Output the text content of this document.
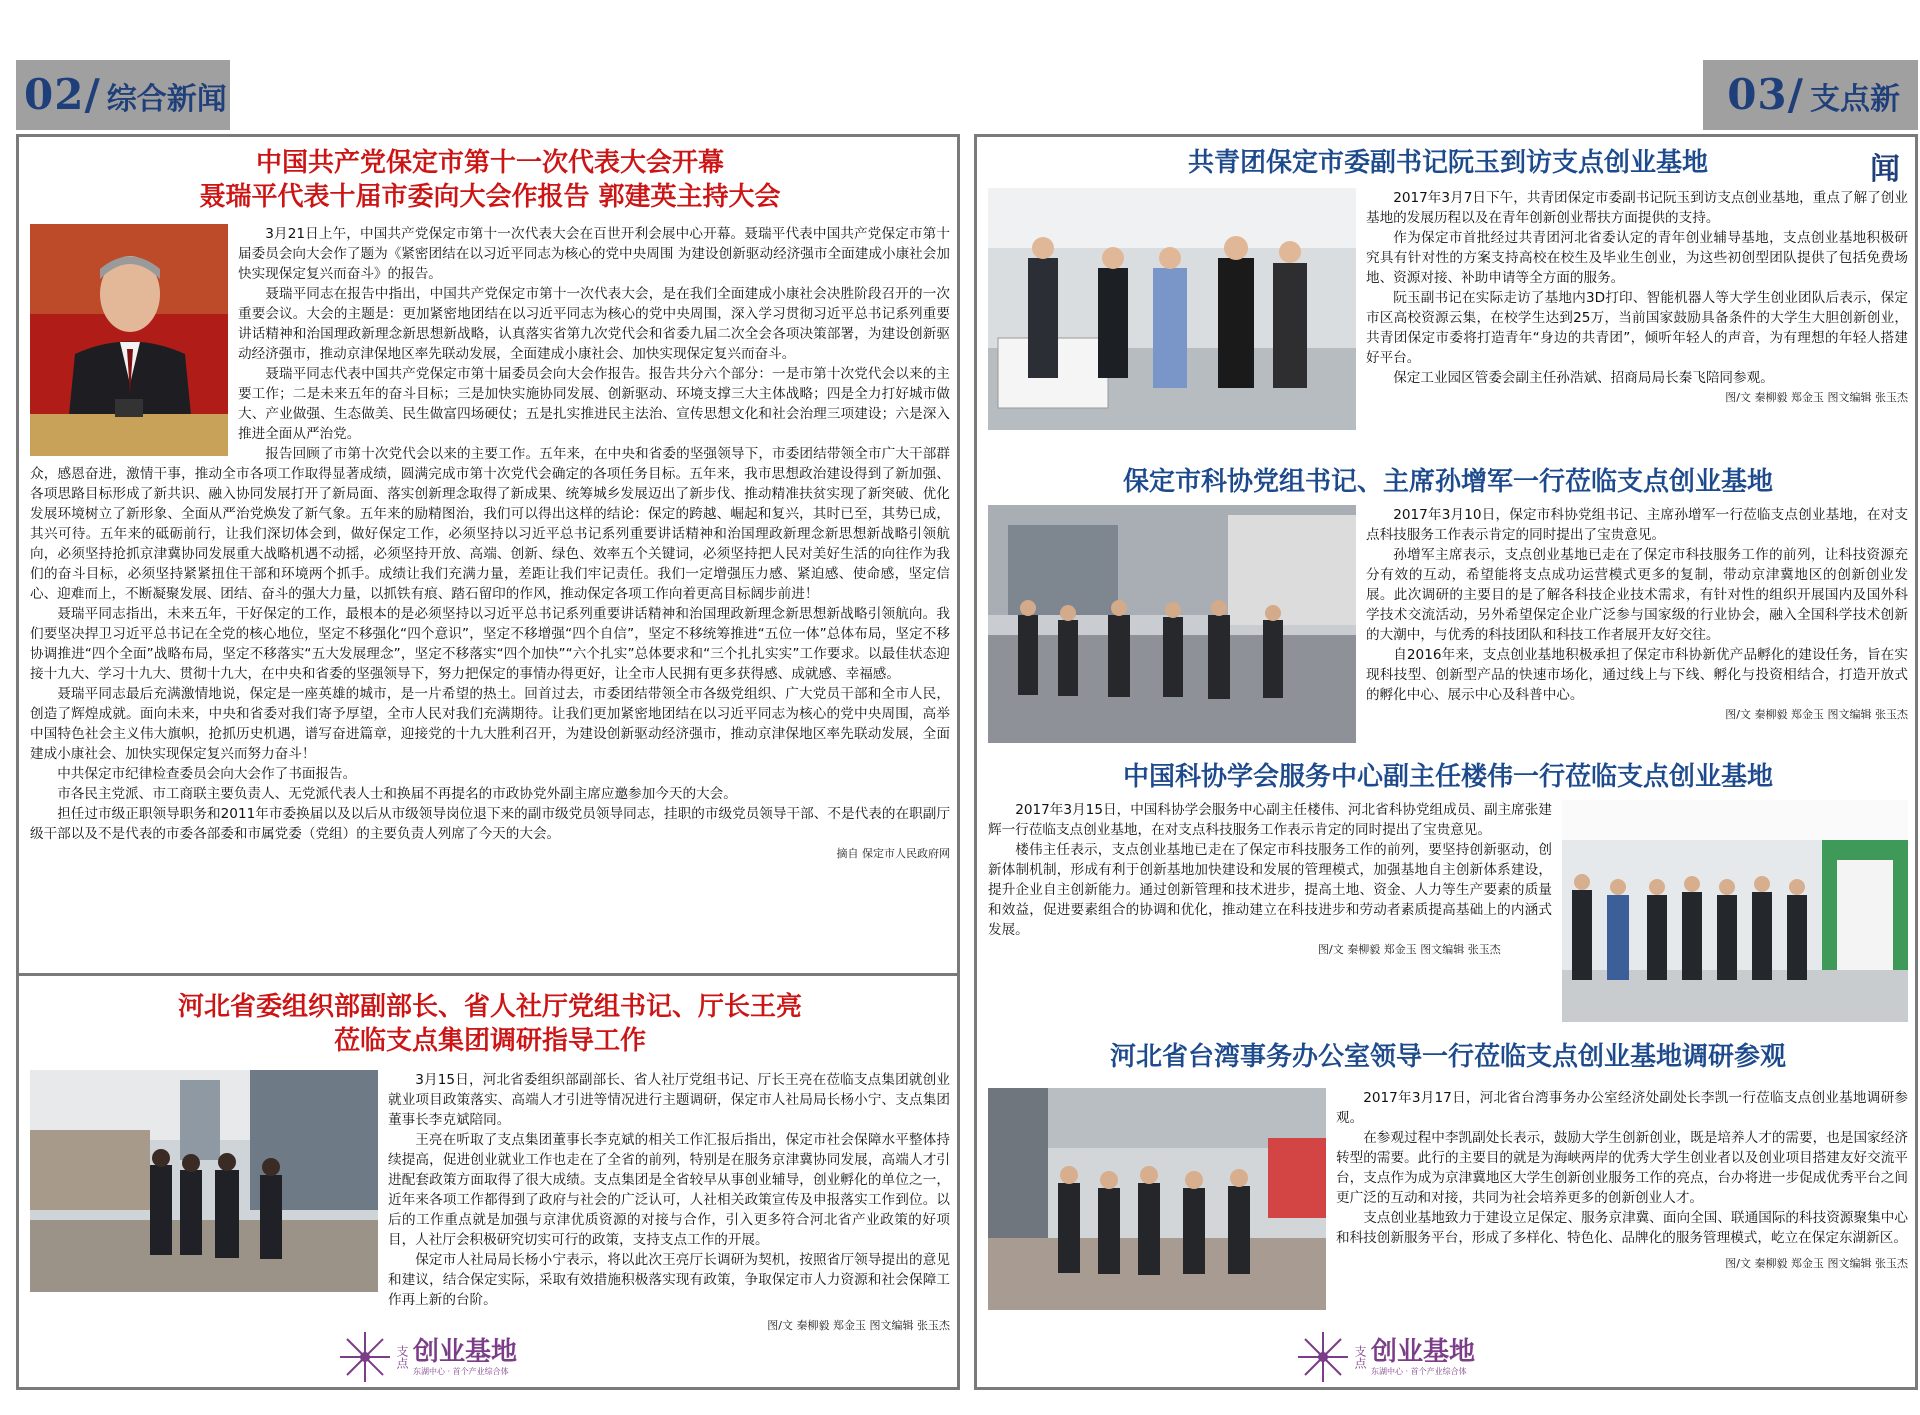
02/ 综合新闻
中国共产党保定市第十一次代表大会开幕
聂瑞平代表十届市委向大会作报告 郭建英主持大会

3月21日上午，中国共产党保定市第十一次代表大会在百世开利会展中心开幕。聂瑞平代表中国共产党保定市第十届委员会向大会作了题为《紧密团结在以习近平同志为核心的党中央周围 为建设创新驱动经济强市全面建成小康社会加快实现保定复兴而奋斗》的报告。

聂瑞平同志在报告中指出，中国共产党保定市第十一次代表大会，是在我们全面建成小康社会决胜阶段召开的一次重要会议。大会的主题是：更加紧密地团结在以习近平同志为核心的党中央周围，深入学习贯彻习近平总书记系列重要讲话精神和治国理政新理念新思想新战略，认真落实省第九次党代会和省委九届二次全会各项决策部署，为建设创新驱动经济强市，推动京津保地区率先联动发展，全面建成小康社会、加快实现保定复兴而奋斗。

聂瑞平同志代表中国共产党保定市第十届委员会向大会作报告。报告共分六个部分：一是市第十次党代会以来的主要工作；二是未来五年的奋斗目标；三是加快实施协同发展、创新驱动、环境支撑三大主体战略；四是全力打好城市做大、产业做强、生态做美、民生做富四场硬仗；五是扎实推进民主法治、宣传思想文化和社会治理三项建设；六是深入推进全面从严治党。

报告回顾了市第十次党代会以来的主要工作。五年来，在中央和省委的坚强领导下，市委团结带领全市广大干部群众，感恩奋进，激情干事，推动全市各项工作取得显著成绩，圆满完成市第十次党代会确定的各项任务目标。五年来，我市思想政治建设得到了新加强、各项思路目标形成了新共识、融入协同发展打开了新局面、落实创新理念取得了新成果、统筹城乡发展迈出了新步伐、推动精准扶贫实现了新突破、优化发展环境树立了新形象、全面从严治党焕发了新气象。五年来的励精图治，我们可以得出这样的结论：保定的跨越、崛起和复兴，其时已至，其势已成，其兴可待。五年来的砥砺前行，让我们深切体会到，做好保定工作，必须坚持以习近平总书记系列重要讲话精神和治国理政新理念新思想新战略引领航向，必须坚持抢抓京津冀协同发展重大战略机遇不动摇，必须坚持开放、高端、创新、绿色、效率五个关键词，必须坚持把人民对美好生活的向往作为我们的奋斗目标，必须坚持紧紧扭住干部和环境两个抓手。成绩让我们充满力量，差距让我们牢记责任。我们一定增强压力感、紧迫感、使命感，坚定信心、迎难而上，不断凝聚发展、团结、奋斗的强大力量，以抓铁有痕、踏石留印的作风，推动保定各项工作向着更高目标阔步前进！

聂瑞平同志指出，未来五年，干好保定的工作，最根本的是必须坚持以习近平总书记系列重要讲话精神和治国理政新理念新思想新战略引领航向。我们要坚决捍卫习近平总书记在全党的核心地位，坚定不移强化“四个意识”，坚定不移增强“四个自信”，坚定不移统筹推进“五位一体”总体布局，坚定不移协调推进“四个全面”战略布局，坚定不移落实“五大发展理念”，坚定不移落实“四个加快”“六个扎实”总体要求和“三个扎扎实实”工作要求。以最佳状态迎接十九大、学习十九大、贯彻十九大，在中央和省委的坚强领导下，努力把保定的事情办得更好，让全市人民拥有更多获得感、成就感、幸福感。

聂瑞平同志最后充满激情地说，保定是一座英雄的城市，是一片希望的热土。回首过去，市委团结带领全市各级党组织、广大党员干部和全市人民，创造了辉煌成就。面向未来，中央和省委对我们寄予厚望，全市人民对我们充满期待。让我们更加紧密地团结在以习近平同志为核心的党中央周围，高举中国特色社会主义伟大旗帜，抢抓历史机遇，谱写奋进篇章，迎接党的十九大胜利召开，为建设创新驱动经济强市，推动京津保地区率先联动发展，全面建成小康社会、加快实现保定复兴而努力奋斗！

中共保定市纪律检查委员会向大会作了书面报告。

市各民主党派、市工商联主要负责人、无党派代表人士和换届不再提名的市政协党外副主席应邀参加今天的大会。

担任过市级正职领导职务和2011年市委换届以及以后从市级领导岗位退下来的副市级党员领导同志，挂职的市级党员领导干部、不是代表的在职副厅级干部以及不是代表的市委各部委和市属党委（党组）的主要负责人列席了今天的大会。

摘自 保定市人民政府网
河北省委组织部副部长、省人社厅党组书记、厅长王亮
莅临支点集团调研指导工作

3月15日，河北省委组织部副部长、省人社厅党组书记、厅长王亮在莅临支点集团就创业就业项目政策落实、高端人才引进等情况进行主题调研，保定市人社局局长杨小宁、支点集团董事长李克斌陪同。

王亮在听取了支点集团董事长李克斌的相关工作汇报后指出，保定市社会保障水平整体持续提高，促进创业就业工作也走在了全省的前列，特别是在服务京津冀协同发展，高端人才引进配套政策方面取得了很大成绩。支点集团是全省较早从事创业辅导，创业孵化的单位之一，近年来各项工作都得到了政府与社会的广泛认可，人社相关政策宣传及申报落实工作到位。以后的工作重点就是加强与京津优质资源的对接与合作，引入更多符合河北省产业政策的好项目，人社厅会积极研究切实可行的政策，支持支点工作的开展。

保定市人社局局长杨小宁表示，将以此次王亮厅长调研为契机，按照省厅领导提出的意见和建议，结合保定实际，采取有效措施积极落实现有政策，争取保定市人力资源和社会保障工作再上新的台阶。

图/文 秦柳毅 郑金玉 图文编辑 张玉杰
支点 创业基地
东湖中心 · 首个产业综合体
03/ 支点新闻
共青团保定市委副书记阮玉到访支点创业基地

2017年3月7日下午，共青团保定市委副书记阮玉到访支点创业基地，重点了解了创业基地的发展历程以及在青年创新创业帮扶方面提供的支持。

作为保定市首批经过共青团河北省委认定的青年创业辅导基地，支点创业基地积极研究具有针对性的方案支持高校在校生及毕业生创业，为这些初创型团队提供了包括免费场地、资源对接、补助申请等全方面的服务。

阮玉副书记在实际走访了基地内3D打印、智能机器人等大学生创业团队后表示，保定市区高校资源云集，在校学生达到25万，当前国家鼓励具备条件的大学生大胆创新创业，共青团保定市委将打造青年“身边的共青团”，倾听年轻人的声音，为有理想的年轻人搭建好平台。

保定工业园区管委会副主任孙浩斌、招商局局长秦飞陪同参观。

图/文 秦柳毅 郑金玉 图文编辑 张玉杰
保定市科协党组书记、主席孙增军一行莅临支点创业基地

2017年3月10日，保定市科协党组书记、主席孙增军一行莅临支点创业基地，在对支点科技服务工作表示肯定的同时提出了宝贵意见。

孙增军主席表示，支点创业基地已走在了保定市科技服务工作的前列，让科技资源充分有效的互动，希望能将支点成功运营模式更多的复制，带动京津冀地区的创新创业发展。此次调研的主要目的是了解各科技企业技术需求，有针对性的组织开展国内及国外科学技术交流活动，另外希望保定企业广泛参与国家级的行业协会，融入全国科学技术创新的大潮中，与优秀的科技团队和科技工作者展开友好交往。

自2016年来，支点创业基地积极承担了保定市科协新优产品孵化的建设任务，旨在实现科技型、创新型产品的快速市场化，通过线上与下线、孵化与投资相结合，打造开放式的孵化中心、展示中心及科普中心。

图/文 秦柳毅 郑金玉 图文编辑 张玉杰
中国科协学会服务中心副主任楼伟一行莅临支点创业基地

2017年3月15日，中国科协学会服务中心副主任楼伟、河北省科协党组成员、副主席张建辉一行莅临支点创业基地，在对支点科技服务工作表示肯定的同时提出了宝贵意见。

楼伟主任表示，支点创业基地已走在了保定市科技服务工作的前列，要坚持创新驱动，创新体制机制，形成有利于创新基地加快建设和发展的管理模式，加强基地自主创新体系建设，提升企业自主创新能力。通过创新管理和技术进步，提高土地、资金、人力等生产要素的质量和效益，促进要素组合的协调和优化，推动建立在科技进步和劳动者素质提高基础上的内涵式发展。

图/文 秦柳毅 郑金玉 图文编辑 张玉杰
河北省台湾事务办公室领导一行莅临支点创业基地调研参观

2017年3月17日，河北省台湾事务办公室经济处副处长李凯一行莅临支点创业基地调研参观。

在参观过程中李凯副处长表示，鼓励大学生创新创业，既是培养人才的需要，也是国家经济转型的需要。此行的主要目的就是为海峡两岸的优秀大学生创业者以及创业项目搭建友好交流平台，支点作为成为京津冀地区大学生创新创业服务工作的亮点，台办将进一步促成优秀平台之间更广泛的互动和对接，共同为社会培养更多的创新创业人才。

支点创业基地致力于建设立足保定、服务京津冀、面向全国、联通国际的科技资源聚集中心和科技创新服务平台，形成了多样化、特色化、品牌化的服务管理模式，屹立在保定东湖新区。

图/文 秦柳毅 郑金玉 图文编辑 张玉杰
支点 创业基地
东湖中心 · 首个产业综合体
